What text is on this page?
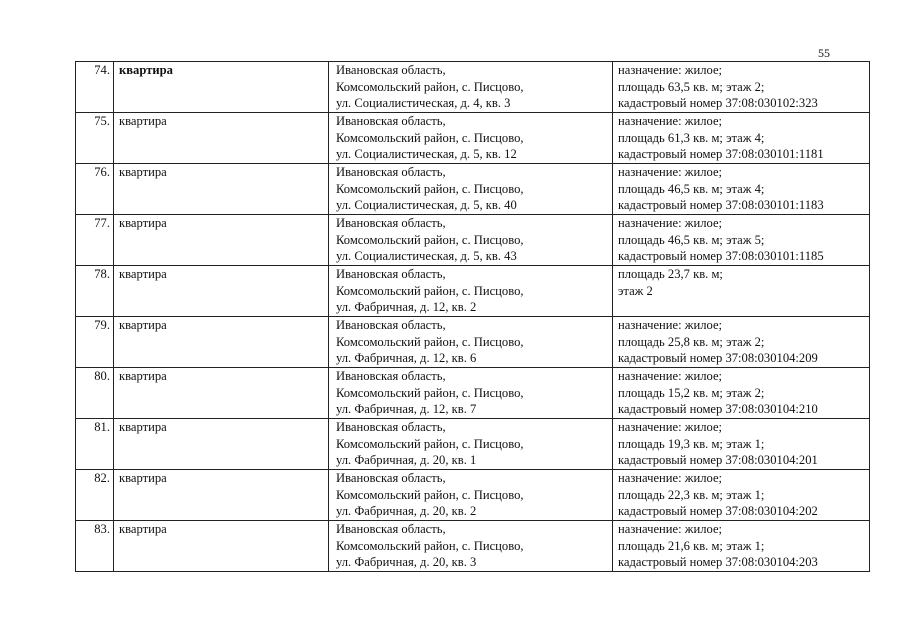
55
74.	квартира	Ивановская область,
Комсомольский район, с. Писцово,
ул. Социалистическая, д. 4, кв. 3	назначение: жилое;
площадь 63,5 кв. м; этаж 2;
кадастровый номер 37:08:030102:323

75.	квартира	Ивановская область,
Комсомольский район, с. Писцово,
ул. Социалистическая, д. 5, кв. 12	назначение: жилое;
площадь 61,3 кв. м; этаж 4;
кадастровый номер 37:08:030101:1181

76.	квартира	Ивановская область,
Комсомольский район, с. Писцово,
ул. Социалистическая, д. 5, кв. 40	назначение: жилое;
площадь 46,5 кв. м; этаж 4;
кадастровый номер 37:08:030101:1183

77.	квартира	Ивановская область,
Комсомольский район, с. Писцово,
ул. Социалистическая, д. 5, кв. 43	назначение: жилое;
площадь 46,5 кв. м; этаж 5;
кадастровый номер 37:08:030101:1185

78.	квартира	Ивановская область,
Комсомольский район, с. Писцово,
ул. Фабричная, д. 12, кв. 2	площадь 23,7 кв. м;
этаж 2

79.	квартира	Ивановская область,
Комсомольский район, с. Писцово,
ул. Фабричная, д. 12, кв. 6	назначение: жилое;
площадь 25,8 кв. м; этаж 2;
кадастровый номер 37:08:030104:209

80.	квартира	Ивановская область,
Комсомольский район, с. Писцово,
ул. Фабричная, д. 12, кв. 7	назначение: жилое;
площадь 15,2 кв. м; этаж 2;
кадастровый номер 37:08:030104:210

81.	квартира	Ивановская область,
Комсомольский район, с. Писцово,
ул. Фабричная, д. 20, кв. 1	назначение: жилое;
площадь 19,3 кв. м; этаж 1;
кадастровый номер 37:08:030104:201

82.	квартира	Ивановская область,
Комсомольский район, с. Писцово,
ул. Фабричная, д. 20, кв. 2	назначение: жилое;
площадь 22,3 кв. м; этаж 1;
кадастровый номер 37:08:030104:202

83.	квартира	Ивановская область,
Комсомольский район, с. Писцово,
ул. Фабричная, д. 20, кв. 3	назначение: жилое;
площадь 21,6 кв. м; этаж 1;
кадастровый номер 37:08:030104:203
